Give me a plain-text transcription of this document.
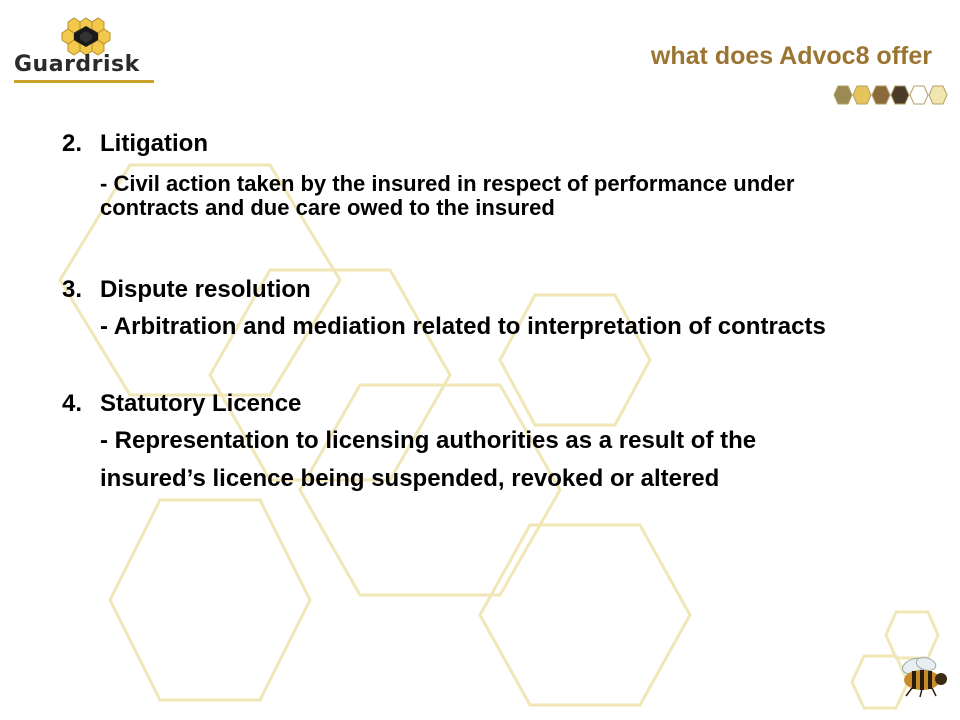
Guardrisk	what does Advoc8 offer
2. Litigation
- Civil action taken by the insured in respect of performance under contracts and due care owed to the insured
3. Dispute resolution
- Arbitration and mediation related to interpretation of contracts
4. Statutory Licence
- Representation to licensing authorities as a result of the insured’s licence being suspended, revoked or altered
